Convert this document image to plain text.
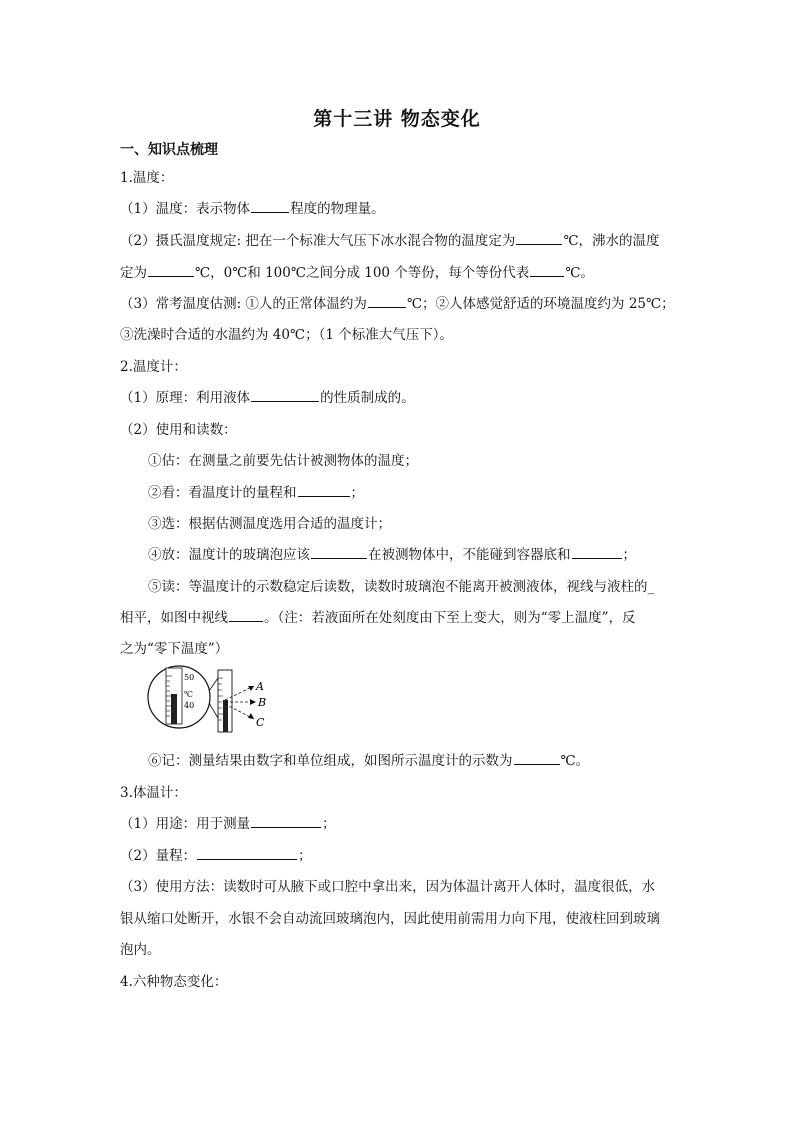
第十三讲 物态变化
一、知识点梳理
1.温度：
（1）温度：表示物体	程度的物理量。
（2）摄氏温度规定: 把在一个标准大气压下冰水混合物的温度定为	℃，沸水的温度
定为	℃，0℃和 100℃之间分成 100 个等份，每个等份代表	℃。
（3）常考温度估测: ①人的正常体温约为	℃；②人体感觉舒适的环境温度约为 25℃；
③洗澡时合适的水温约为 40℃；（1 个标准大气压下）。
2.温度计：
（1）原理：利用液体	的性质制成的。
（2）使用和读数：
①估：在测量之前要先估计被测物体的温度；
②看：看温度计的量程和	；
③选：根据估测温度选用合适的温度计；
④放：温度计的玻璃泡应该	在被测物体中，不能碰到容器底和	；
⑤读：等温度计的示数稳定后读数，读数时玻璃泡不能离开被测液体，视线与液柱的_
相平，如图中视线	。（注：若液面所在处刻度由下至上变大，则为“零上温度”，反
之为“零下温度”）
50
℃
40
A
B
C
⑥记：测量结果由数字和单位组成，如图所示温度计的示数为	℃。
3.体温计：
（1）用途：用于测量	；
（2）量程：	；
（3）使用方法：读数时可从腋下或口腔中拿出来，因为体温计离开人体时，温度很低，水
银从缩口处断开，水银不会自动流回玻璃泡内，因此使用前需用力向下甩，使液柱回到玻璃
泡内。
4.六种物态变化：
